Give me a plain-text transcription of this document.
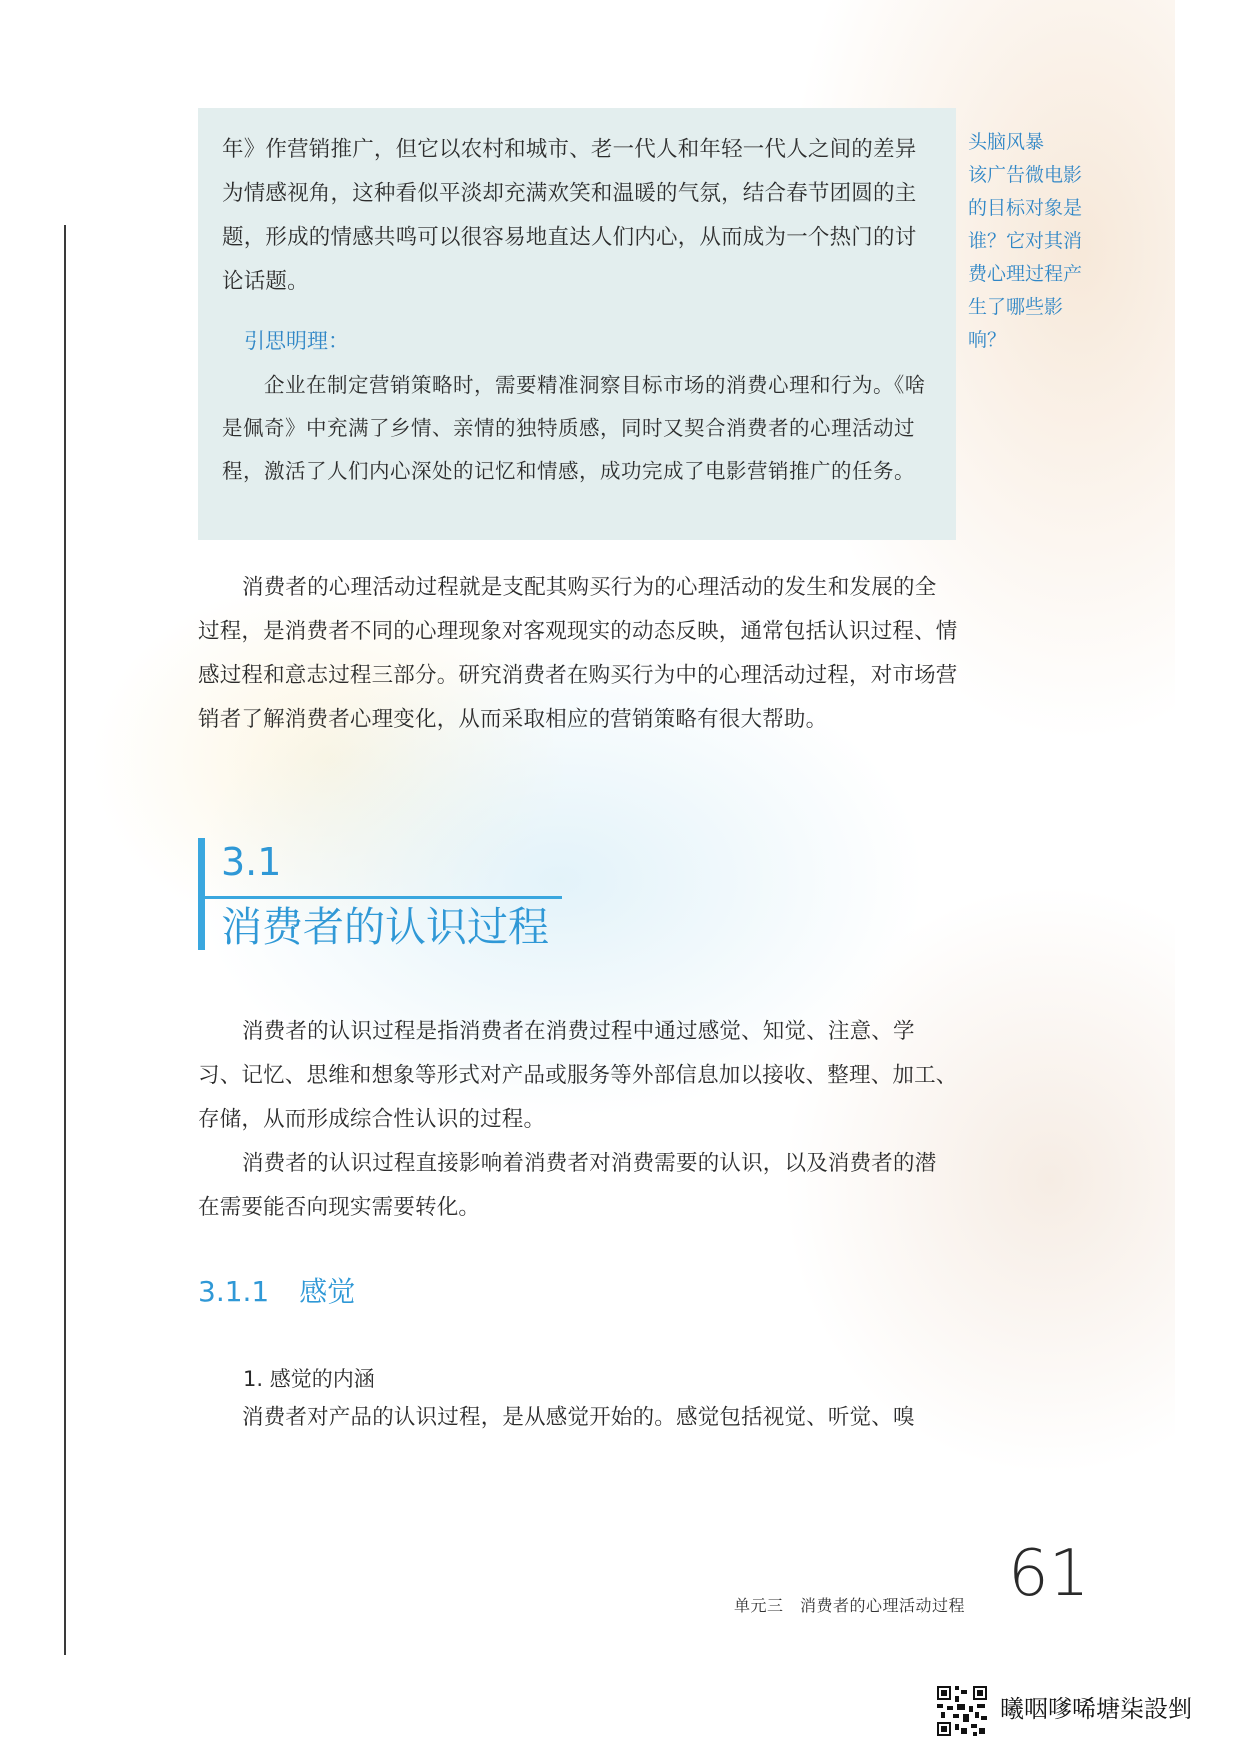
年》作营销推广，但它以农村和城市、老一代人和年轻一代人之间的差异为情感视角，这种看似平淡却充满欢笑和温暖的气氛，结合春节团圆的主题，形成的情感共鸣可以很容易地直达人们内心，从而成为一个热门的讨论话题。

引思明理：

企业在制定营销策略时，需要精准洞察目标市场的消费心理和行为。《啥是佩奇》中充满了乡情、亲情的独特质感，同时又契合消费者的心理活动过程，激活了人们内心深处的记忆和情感，成功完成了电影营销推广的任务。

头脑风暴

该广告微电影

的目标对象是

谁？它对其消

费心理过程产

生了哪些影响？

消费者的心理活动过程就是支配其购买行为的心理活动的发生和发展的全过程，是消费者不同的心理现象对客观现实的动态反映，通常包括认识过程、情感过程和意志过程三部分。研究消费者在购买行为中的心理活动过程，对市场营销者了解消费者心理变化，从而采取相应的营销策略有很大帮助。

3.1
消费者的认识过程

消费者的认识过程是指消费者在消费过程中通过感觉、知觉、注意、学习、记忆、思维和想象等形式对产品或服务等外部信息加以接收、整理、加工、存储，从而形成综合性认识的过程。

消费者的认识过程直接影响着消费者对消费需要的认识，以及消费者的潜在需要能否向现实需要转化。

3.1.1 感觉
1. 感觉的内涵

消费者对产品的认识过程，是从感觉开始的。感觉包括视觉、听觉、嗅

单元三　消费者的心理活动过程 61
曦咽嗲唏塘柒設剉
